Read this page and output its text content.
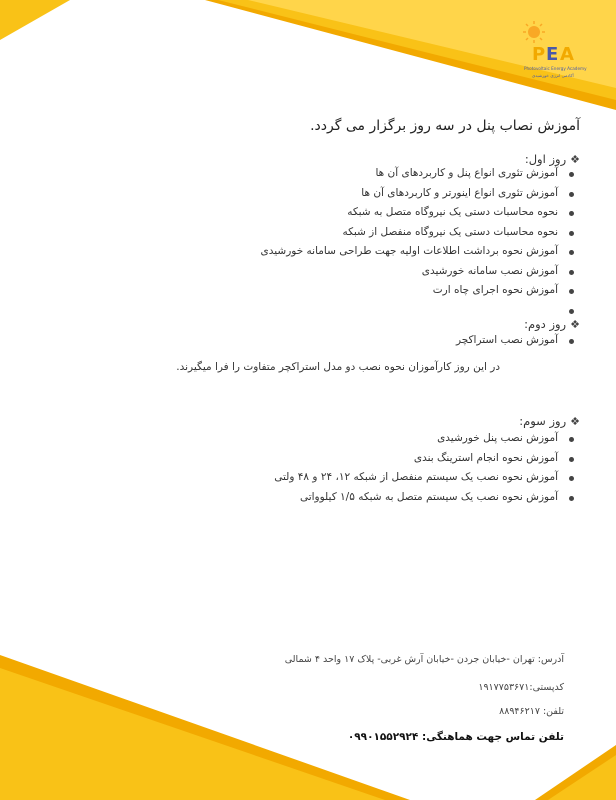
P E A
Photovoltaic Energy Academy
آکادمی انرژی خورشیدی
آموزش نصاب پنل در سه روز برگزار می گردد.
❖روز اول:
آموزش تئوری انواع پنل و کاربردهای آن ها
آموزش تئوری انواع اینورتر و کاربردهای آن ها
نحوه محاسبات دستی یک نیروگاه متصل به شبکه
نحوه محاسبات دستی یک نیروگاه منفصل از شبکه
آموزش نحوه برداشت اطلاعات اولیه جهت طراحی سامانه خورشیدی
آموزش نصب سامانه خورشیدی
آموزش نحوه اجرای چاه ارت
❖روز دوم:
آموزش نصب استراکچر
در این روز کارآموزان نحوه نصب دو مدل استراکچر متفاوت را فرا میگیرند.
❖روز سوم:
آموزش نصب پنل خورشیدی
آموزش نحوه انجام استرینگ بندی
آموزش نحوه نصب یک سیستم منفصل از شبکه ۱۲، ۲۴ و ۴۸ ولتی
آموزش نحوه نصب یک سیستم متصل به شبکه ۱/۵ کیلوواتی
آدرس: تهران -خیابان جردن -خیابان آرش غربی- پلاک ۱۷ واحد ۴ شمالی
کدپستی:۱۹۱۷۷۵۳۶۷۱
تلفن: ۸۸۹۴۶۲۱۷
تلفن تماس جهت هماهنگی: ۰۹۹۰۱۵۵۲۹۲۴
